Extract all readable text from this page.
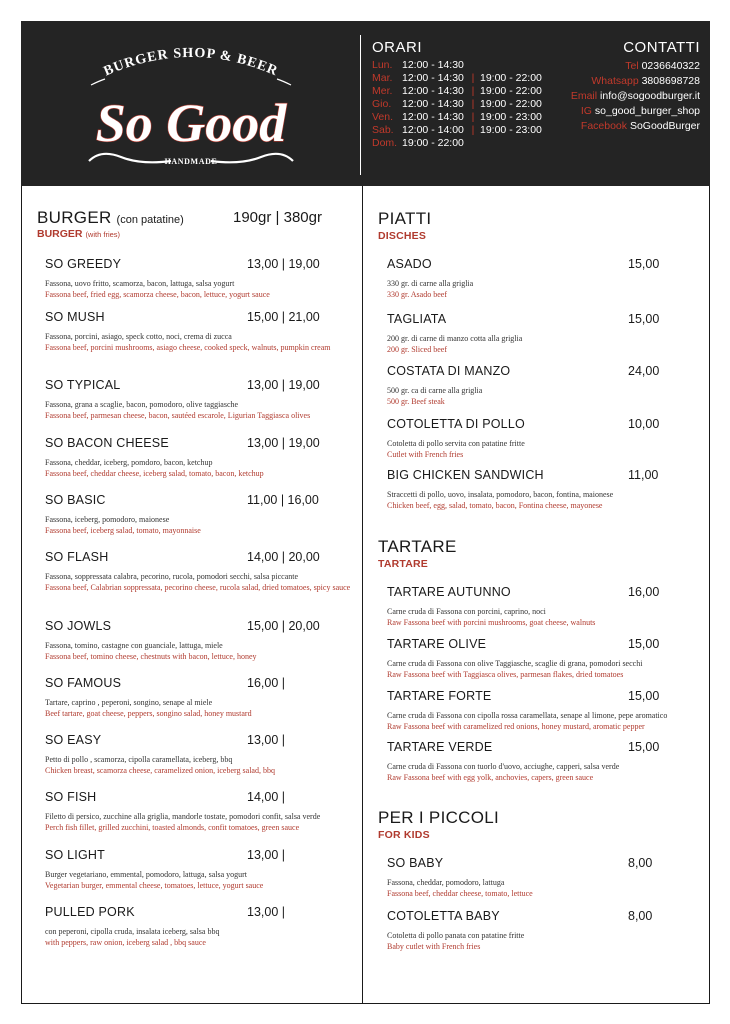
BURGER SHOP & BEER
So Good
HANDMADE
ORARI
Lun. 12:00 - 14:30
Mar. 12:00 - 14:30 | 19:00 - 22:00
Mer. 12:00 - 14:30 | 19:00 - 22:00
Gio.	12:00 - 14:30 | 19:00 - 22:00
Ven. 12:00 - 14:30 | 19:00 - 23:00
Sab. 12:00 - 14:00 | 19:00 - 23:00
Dom. 19:00 - 22:00
CONTATTI
Tel 0236640322
Whatsapp 3808698728
Email info@sogoodburger.it
IG so_good_burger_shop
Facebook SoGoodBurger
BURGER (con patatine)	190gr | 380gr
BURGER (with fries)
SO GREEDY	13,00 | 19,00
Fassona, uovo fritto, scamorza, bacon, lattuga, salsa yogurt
Fassona beef, fried egg, scamorza cheese, bacon, lettuce, yogurt sauce
SO MUSH	15,00 | 21,00
Fassona, porcini, asiago, speck cotto, noci, crema di zucca
Fassona beef, porcini mushrooms, asiago cheese, cooked speck, walnuts, pumpkin cream
SO TYPICAL	13,00 | 19,00
Fassona, grana a scaglie, bacon, pomodoro, olive taggiasche
Fassona beef, parmesan cheese, bacon, sautéed escarole, Ligurian Taggiasca olives
SO BACON CHEESE	13,00 | 19,00
Fassona, cheddar, iceberg, pomdoro, bacon, ketchup
Fassona beef, cheddar cheese, iceberg salad, tomato, bacon, ketchup
SO BASIC	11,00 | 16,00
Fassona, iceberg, pomodoro, maionese
Fassona beef, iceberg salad, tomato, mayonnaise
SO FLASH	14,00 | 20,00
Fassona, soppressata calabra, pecorino, rucola, pomodori secchi, salsa piccante
Fassona beef, Calabrian soppressata, pecorino cheese, rucola salad, dried tomatoes, spicy sauce
SO JOWLS	15,00 | 20,00
Fassona, tomino, castagne con guanciale, lattuga, miele
Fassona beef, tomino cheese, chestnuts with bacon, lettuce, honey
SO FAMOUS	16,00 |
Tartare, caprino , peperoni, songino, senape al miele
Beef tartare, goat cheese, peppers, songino salad, honey mustard
SO EASY	13,00 |
Petto di pollo , scamorza, cipolla caramellata, iceberg, bbq
Chicken breast, scamorza cheese, caramelized onion, iceberg salad, bbq
SO FISH	14,00 |
Filetto di persico, zucchine alla griglia, mandorle tostate, pomodori confit, salsa verde
Perch fish fillet, grilled zucchini, toasted almonds, confit tomatoes, green sauce
SO LIGHT	13,00 |
Burger vegetariano, emmental, pomodoro, lattuga, salsa yogurt
Vegetarian burger, emmental cheese, tomatoes, lettuce, yogurt sauce
PULLED PORK	13,00 |
con peperoni, cipolla cruda, insalata iceberg, salsa bbq
with peppers, raw onion, iceberg salad , bbq sauce
PIATTI
DISCHES
ASADO	15,00
330 gr. di carne alla griglia
330 gr. Asado beef
TAGLIATA	15,00
200 gr. di carne di manzo cotta alla griglia
200 gr. Sliced beef
COSTATA DI MANZO	24,00
500 gr. ca di carne alla griglia
500 gr. Beef steak
COTOLETTA DI POLLO	10,00
Cotoletta di pollo servita con patatine fritte
Cutlet with French fries
BIG CHICKEN SANDWICH	11,00
Straccetti di pollo, uovo, insalata, pomodoro, bacon, fontina, maionese
Chicken beef, egg, salad, tomato, bacon, Fontina cheese, mayonese
TARTARE
TARTARE
TARTARE AUTUNNO	16,00
Carne cruda di Fassona con porcini, caprino, noci
Raw Fassona beef with porcini mushrooms, goat cheese, walnuts
TARTARE OLIVE	15,00
Carne cruda di Fassona con olive Taggiasche, scaglie di grana, pomodori secchi
Raw Fassona beef with Taggiasca olives, parmesan flakes, dried tomatoes
TARTARE FORTE	15,00
Carne cruda di Fassona con cipolla rossa caramellata, senape al limone, pepe aromatico
Raw Fassona beef with caramelized red onions, honey mustard, aromatic pepper
TARTARE VERDE	15,00
Carne cruda di Fassona con tuorlo d'uovo, acciughe, capperi, salsa verde
Raw Fassona beef with egg yolk, anchovies, capers, green sauce
PER I PICCOLI
FOR KIDS
SO BABY	8,00
Fassona, cheddar, pomodoro, lattuga
Fassona beef, cheddar cheese, tomato, lettuce
COTOLETTA BABY	8,00
Cotoletta di pollo panata con patatine fritte
Baby cutlet with French fries
